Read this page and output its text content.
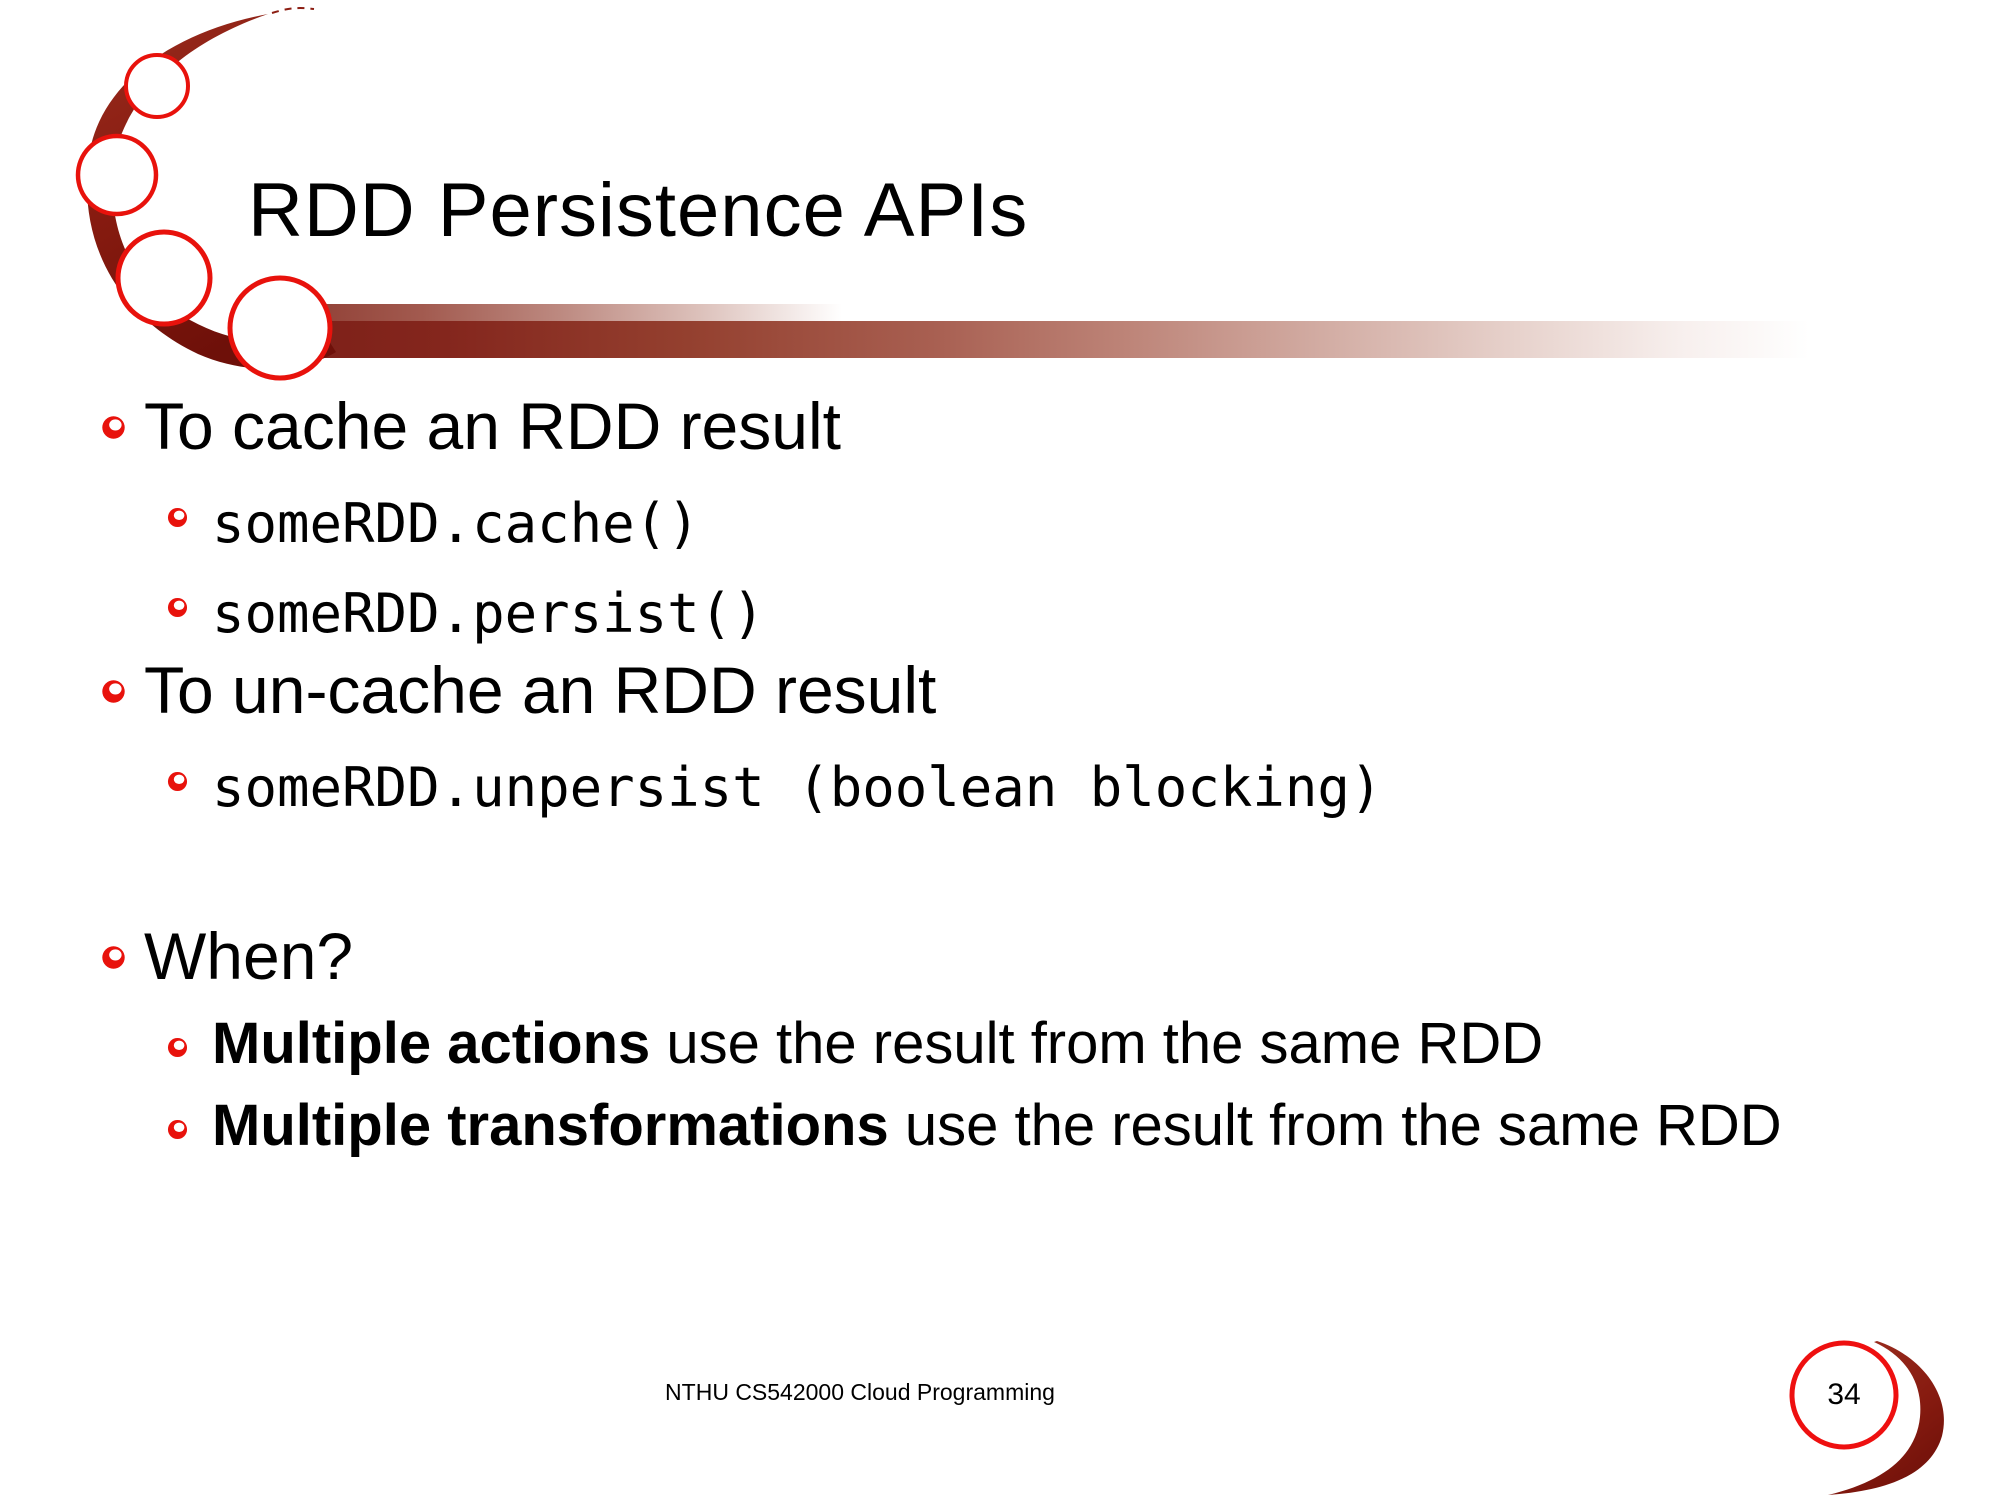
RDD Persistence APIs
To cache an RDD result
someRDD.cache()
someRDD.persist()
To un-cache an RDD result
someRDD.unpersist (boolean blocking)
When?
Multiple actions use the result from the same RDD
Multiple transformations use the result from the same RDD
NTHU CS542000 Cloud Programming	34
